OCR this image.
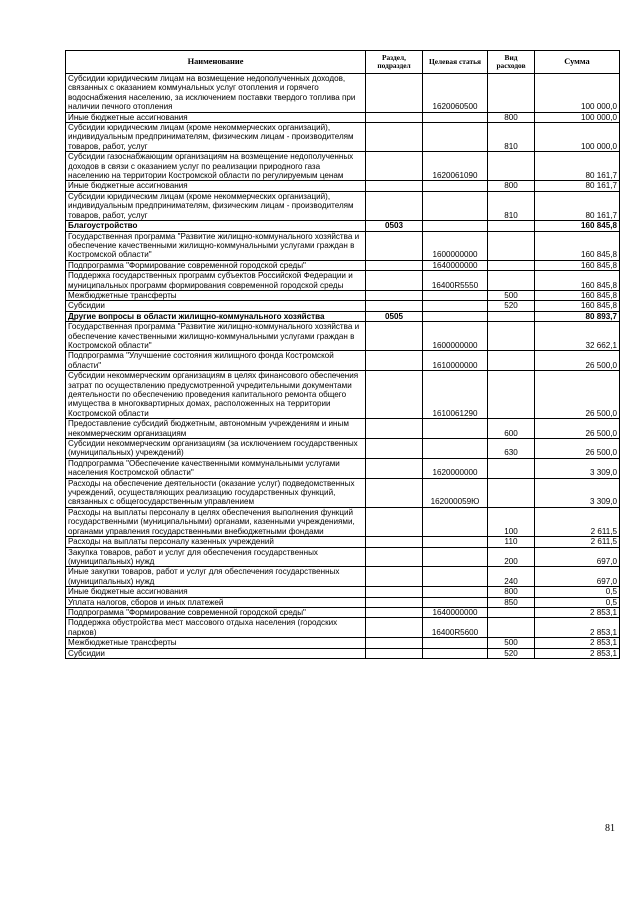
Наименование	Раздел, подраздел	Целевая статья	Вид расходов	Сумма
Субсидии юридическим лицам на возмещение недополученных доходов, связанных с оказанием коммунальных услуг отопления и горячего водоснабжения населению, за исключением поставки твердого топлива при наличии печного отопления		1620060500		100 000,0
Иные бюджетные ассигнования			800	100 000,0
Субсидии юридическим лицам (кроме некоммерческих организаций), индивидуальным предпринимателям, физическим лицам - производителям товаров, работ, услуг			810	100 000,0
Субсидии газоснабжающим организациям на возмещение недополученных доходов в связи с оказанием услуг по реализации природного газа населению на территории Костромской области по регулируемым ценам		1620061090		80 161,7
Иные бюджетные ассигнования			800	80 161,7
Субсидии юридическим лицам (кроме некоммерческих организаций), индивидуальным предпринимателям, физическим лицам - производителям товаров, работ, услуг			810	80 161,7
Благоустройство	0503			160 845,8
Государственная программа "Развитие жилищно-коммунального хозяйства и обеспечение качественными жилищно-коммунальными услугами граждан в Костромской области"		1600000000		160 845,8
Подпрограмма "Формирование современной городской среды"		1640000000		160 845,8
Поддержка государственных программ субъектов Российской Федерации и муниципальных программ формирования современной городской среды		16400R5550		160 845,8
Межбюджетные трансферты			500	160 845,8
Субсидии			520	160 845,8
Другие вопросы в области жилищно-коммунального хозяйства	0505			80 893,7
Государственная программа "Развитие жилищно-коммунального хозяйства и обеспечение качественными жилищно-коммунальными услугами граждан в Костромской области"		1600000000		32 662,1
Подпрограмма "Улучшение состояния жилищного фонда Костромской области"		1610000000		26 500,0
Субсидии некоммерческим организациям в целях финансового обеспечения затрат по осуществлению предусмотренной учредительными документами деятельности по обеспечению проведения капитального ремонта общего имущества в многоквартирных домах, расположенных на территории Костромской области		1610061290		26 500,0
Предоставление субсидий бюджетным, автономным учреждениям и иным некоммерческим организациям			600	26 500,0
Субсидии некоммерческим организациям (за исключением государственных (муниципальных) учреждений)			630	26 500,0
Подпрограмма "Обеспечение качественными коммунальными услугами населения Костромской области"		1620000000		3 309,0
Расходы на обеспечение деятельности (оказание услуг) подведомственных учреждений, осуществляющих реализацию государственных функций, связанных с общегосударственным управлением		162000059Ю		3 309,0
Расходы на выплаты персоналу в целях обеспечения выполнения функций государственными (муниципальными) органами, казенными учреждениями, органами управления государственными внебюджетными фондами			100	2 611,5
Расходы на выплаты персоналу казенных учреждений			110	2 611,5
Закупка товаров, работ и услуг для обеспечения государственных (муниципальных) нужд			200	697,0
Иные закупки товаров, работ и услуг для обеспечения государственных (муниципальных) нужд			240	697,0
Иные бюджетные ассигнования			800	0,5
Уплата налогов, сборов и иных платежей			850	0,5
Подпрограмма "Формирование современной городской среды"		1640000000		2 853,1
Поддержка обустройства мест массового отдыха населения (городских парков)		16400R5600		2 853,1
Межбюджетные трансферты			500	2 853,1
Субсидии			520	2 853,1
81
